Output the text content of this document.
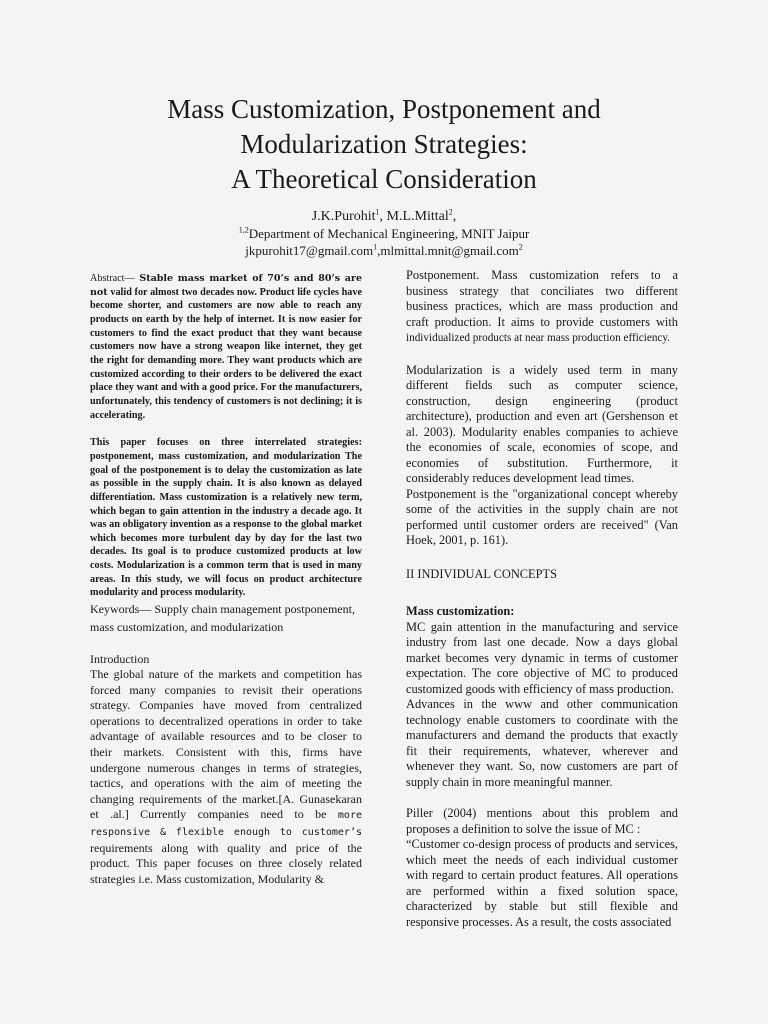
Mass Customization, Postponement and
Modularization Strategies:
A Theoretical Consideration
J.K.Purohit$^1$, M.L.Mittal$^2$,
$^{1,2}$Department of Mechanical Engineering, MNIT Jaipur
jkpurohit17@gmail.com$^1$,mlmittal.mnit@gmail.com$^2$

Abstract— Stable mass market of 70’s and 80’s are not valid for almost two decades now. Product life cycles have become shorter, and customers are now able to reach any products on earth by the help of internet. It is now easier for customers to find the exact product that they want because customers now have a strong weapon like internet, they get the right for demanding more. They want products which are customized according to their orders to be delivered the exact place they want and with a good price. For the manufacturers, unfortunately, this tendency of customers is not declining; it is accelerating.

This paper focuses on three interrelated strategies: postponement, mass customization, and modularization The goal of the postponement is to delay the customization as late as possible in the supply chain. It is also known as delayed differentiation. Mass customization is a relatively new term, which began to gain attention in the industry a decade ago. It was an obligatory invention as a response to the global market which becomes more turbulent day by day for the last two decades. Its goal is to produce customized products at low costs. Modularization is a common term that is used in many areas. In this study, we will focus on product architecture modularity and process modularity.

Keywords— Supply chain management postponement, mass customization, and modularization

Introduction

The global nature of the markets and competition has forced many companies to revisit their operations strategy. Companies have moved from centralized operations to decentralized operations in order to take advantage of available resources and to be closer to their markets. Consistent with this, firms have undergone numerous changes in terms of strategies, tactics, and operations with the aim of meeting the changing requirements of the market.[A. Gunasekaran et .al.] Currently companies need to be more responsive & flexible enough to customer’s requirements along with quality and price of the product. This paper focuses on three closely related strategies i.e. Mass customization, Modularity &

Postponement. Mass customization refers to a business strategy that conciliates two different business practices, which are mass production and craft production. It aims to provide customers with individualized products at near mass production efficiency.

Modularization is a widely used term in many different fields such as computer science, construction, design engineering (product architecture), production and even art (Gershenson et al. 2003). Modularity enables companies to achieve the economies of scale, economies of scope, and economies of substitution. Furthermore, it considerably reduces development lead times.

Postponement is the "organizational concept whereby some of the activities in the supply chain are not performed until customer orders are received" (Van Hoek, 2001, p. 161).

II INDIVIDUAL CONCEPTS

Mass customization:

MC gain attention in the manufacturing and service industry from last one decade. Now a days global market becomes very dynamic in terms of customer expectation. The core objective of MC to produced customized goods with efficiency of mass production.

Advances in the www and other communication technology enable customers to coordinate with the manufacturers and demand the products that exactly fit their requirements, whatever, wherever and whenever they want. So, now customers are part of supply chain in more meaningful manner.

Piller (2004) mentions about this problem and proposes a definition to solve the issue of MC :

“Customer co-design process of products and services, which meet the needs of each individual customer with regard to certain product features. All operations are performed within a fixed solution space, characterized by stable but still flexible and responsive processes. As a result, the costs associated
